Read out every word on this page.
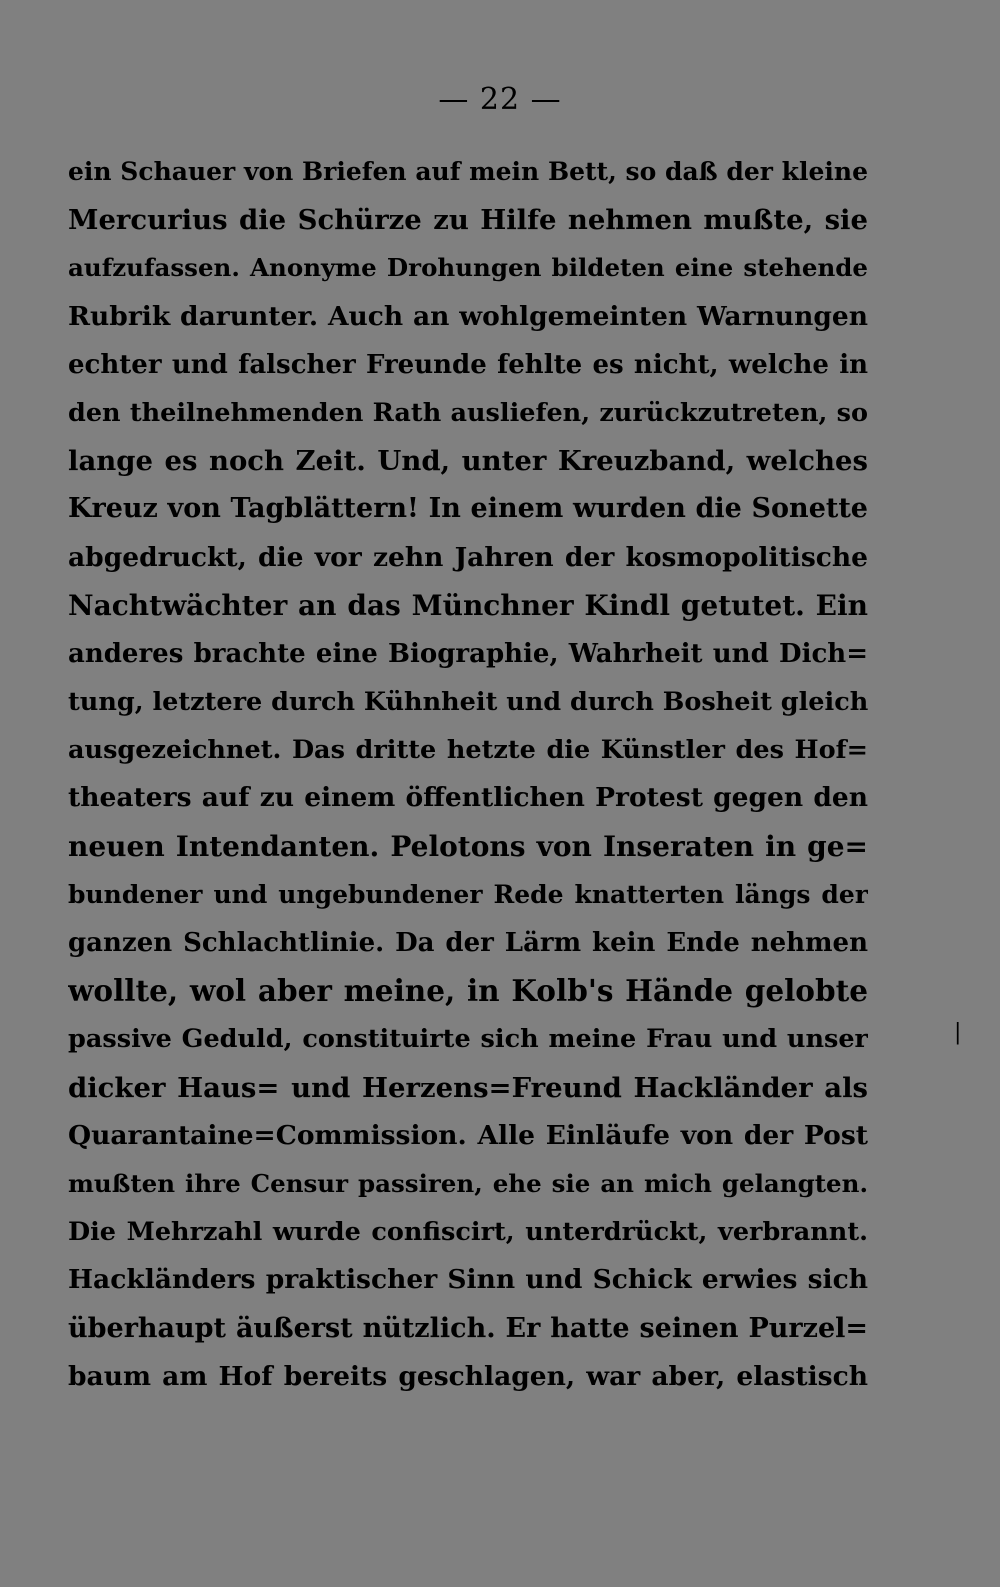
— 22 —
ein Schauer von Briefen auf mein Bett, so daß der kleine
Mercurius die Schürze zu Hilfe nehmen mußte, sie
aufzufassen. Anonyme Drohungen bildeten eine stehende
Rubrik darunter. Auch an wohlgemeinten Warnungen
echter und falscher Freunde fehlte es nicht, welche in
den theilnehmenden Rath ausliefen, zurückzutreten, so
lange es noch Zeit. Und, unter Kreuzband, welches
Kreuz von Tagblättern! In einem wurden die Sonette
abgedruckt, die vor zehn Jahren der kosmopolitische
Nachtwächter an das Münchner Kindl getutet. Ein
anderes brachte eine Biographie, Wahrheit und Dich=
tung, letztere durch Kühnheit und durch Bosheit gleich
ausgezeichnet. Das dritte hetzte die Künstler des Hof=
theaters auf zu einem öffentlichen Protest gegen den
neuen Intendanten. Pelotons von Inseraten in ge=
bundener und ungebundener Rede knatterten längs der
ganzen Schlachtlinie. Da der Lärm kein Ende nehmen
wollte, wol aber meine, in Kolb's Hände gelobte
passive Geduld, constituirte sich meine Frau und unser
dicker Haus= und Herzens=Freund Hackländer als
Quarantaine=Commission. Alle Einläufe von der Post
mußten ihre Censur passiren, ehe sie an mich gelangten.
Die Mehrzahl wurde confiscirt, unterdrückt, verbrannt.
Hackländers praktischer Sinn und Schick erwies sich
überhaupt äußerst nützlich. Er hatte seinen Purzel=
baum am Hof bereits geschlagen, war aber, elastisch
|
